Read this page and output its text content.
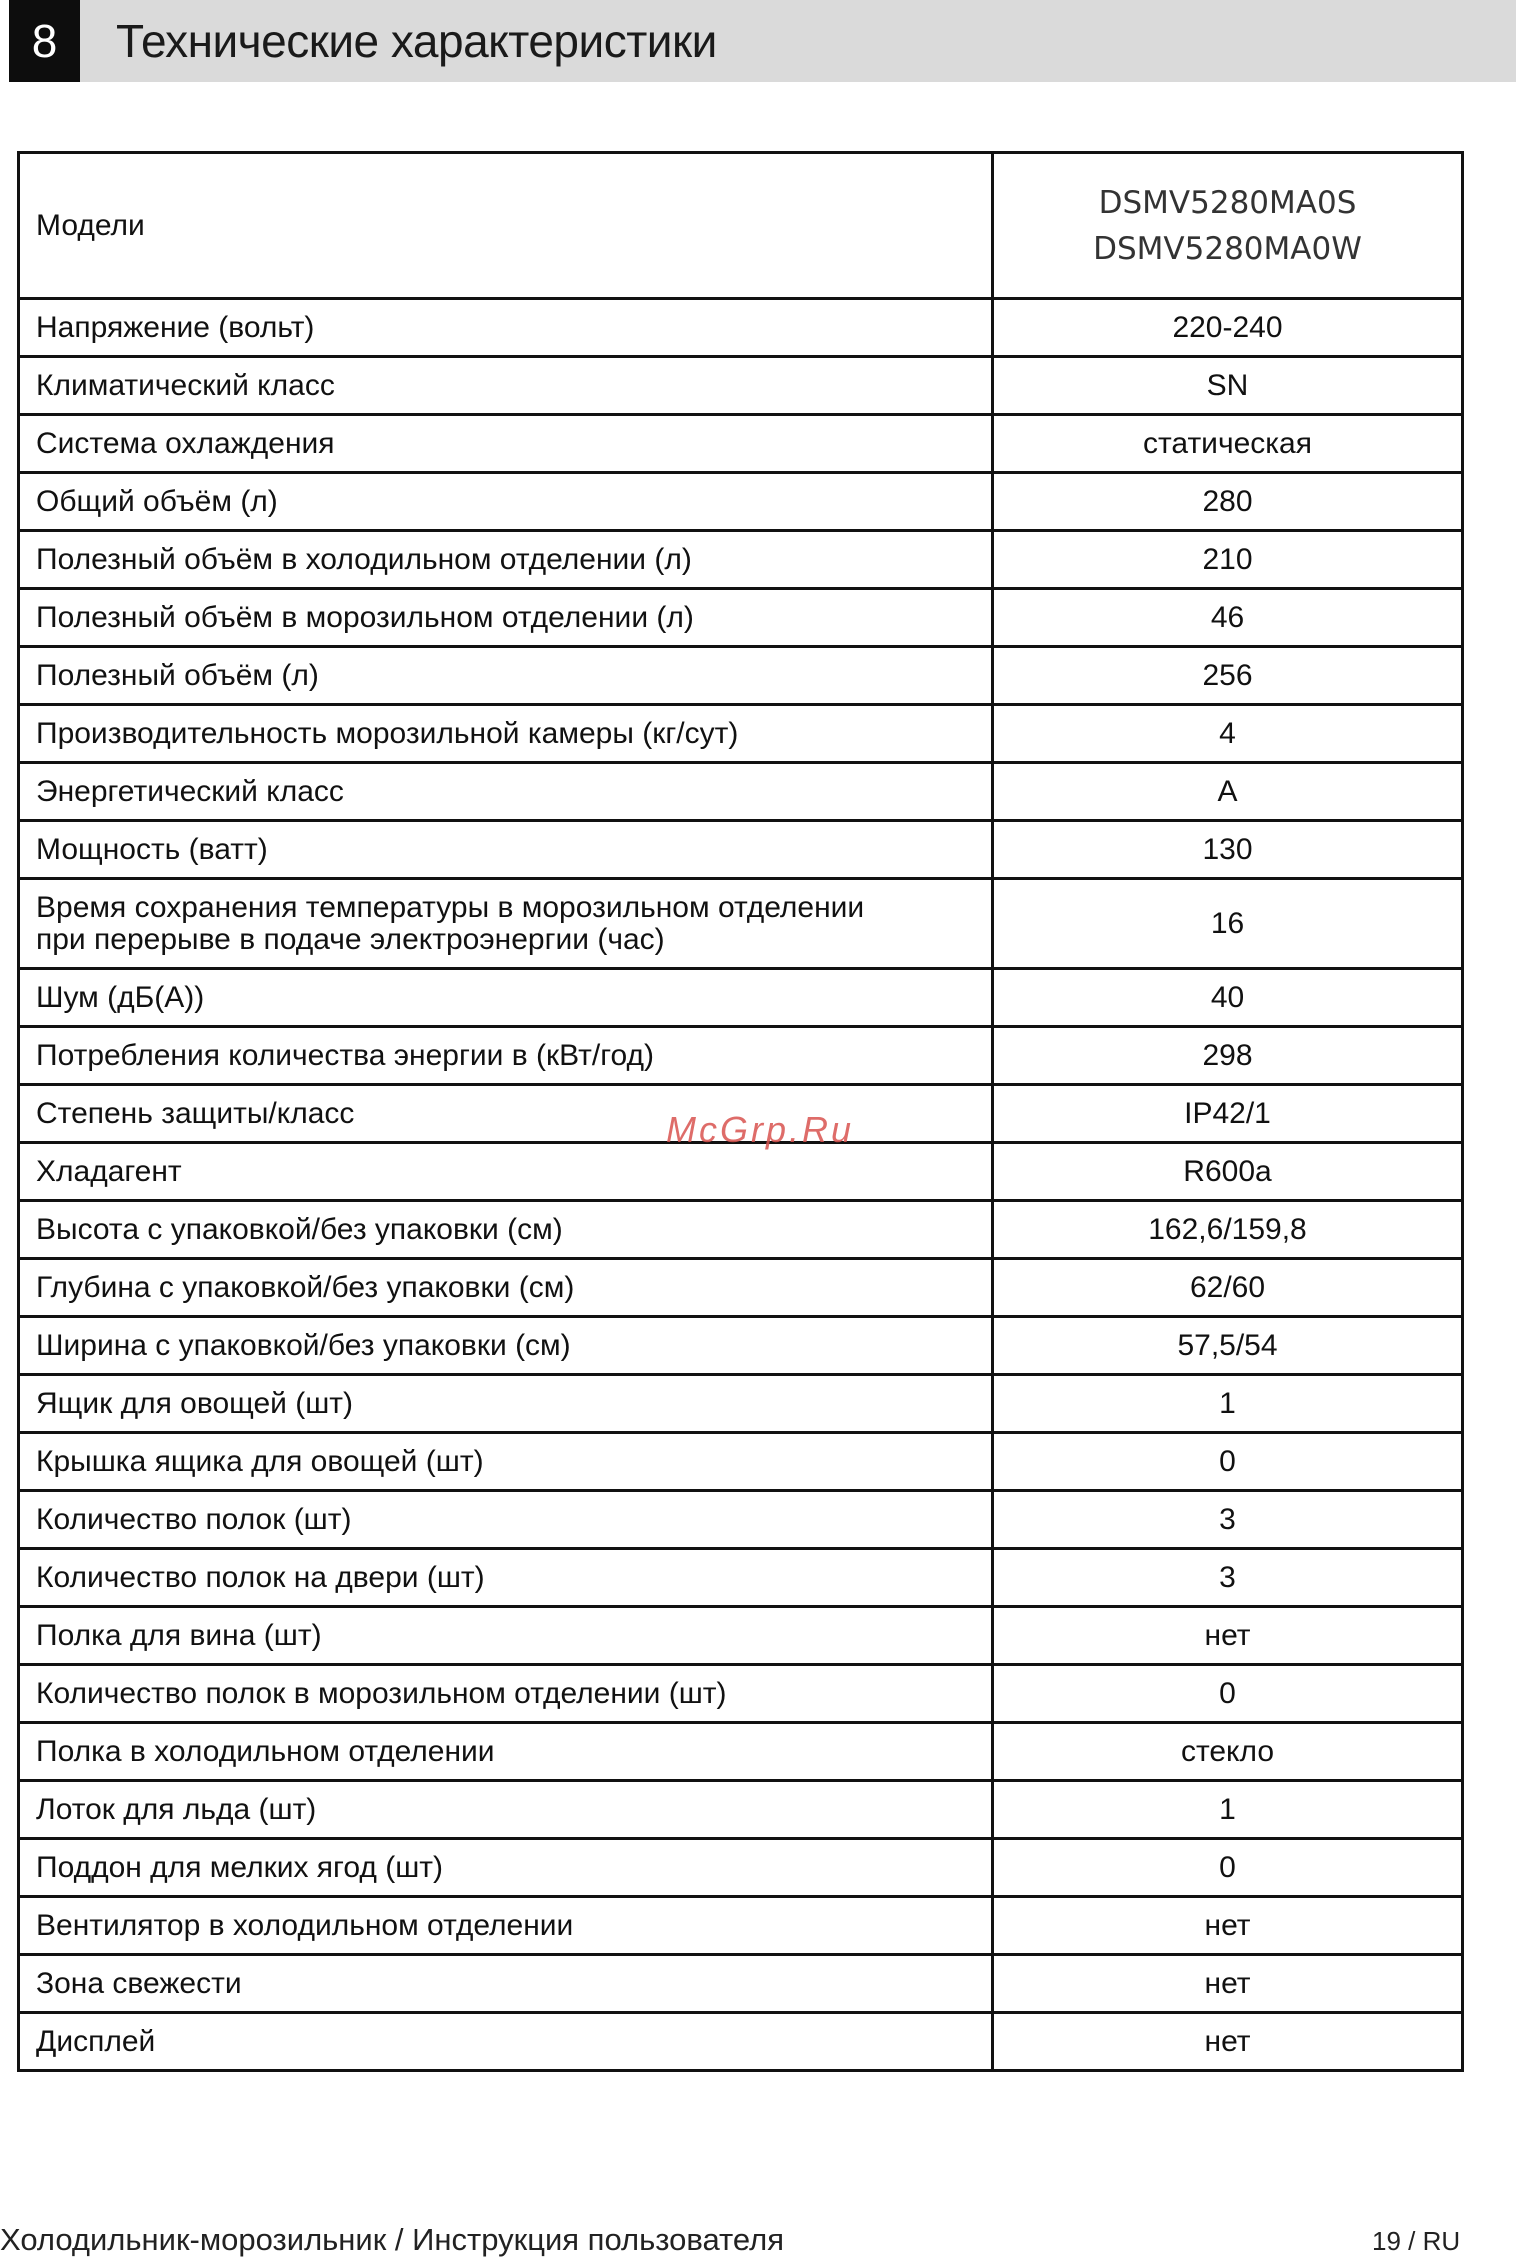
8	Технические характеристики
Модели	DSMV5280MA0S
DSMV5280MA0W

Напряжение (вольт)	220-240
Климатический класс	SN
Система охлаждения	статическая
Общий объём (л)	280
Полезный объём в холодильном отделении (л)	210
Полезный объём в морозильном отделении (л)	46
Полезный объём (л)	256
Производительность морозильной камеры (кг/сут)	4
Энергетический класс	A
Мощность (ватт)	130
Время сохранения температуры в морозильном отделении
при перерыве в подаче электроэнергии (час)	16
Шум (дБ(A))	40
Потребления количества энергии в (кВт/год)	298
Степень защиты/класс	IP42/1
Хладагент	R600a
Высота с упаковкой/без упаковки (см)	162,6/159,8
Глубина с упаковкой/без упаковки (см)	62/60
Ширина с упаковкой/без упаковки (см)	57,5/54
Ящик для овощей (шт)	1
Крышка ящика для овощей (шт)	0
Количество полок (шт)	3
Количество полок на двери (шт)	3
Полка для вина (шт)	нет
Количество полок в морозильном отделении (шт)	0
Полка в холодильном отделении	стекло
Лоток для льда (шт)	1
Поддон для мелких ягод (шт)	0
Вентилятор в холодильном отделении	нет
Зона свежести	нет
Дисплей	нет
McGrp.Ru
Холодильник-морозильник / Инструкция пользователя	19 / RU
